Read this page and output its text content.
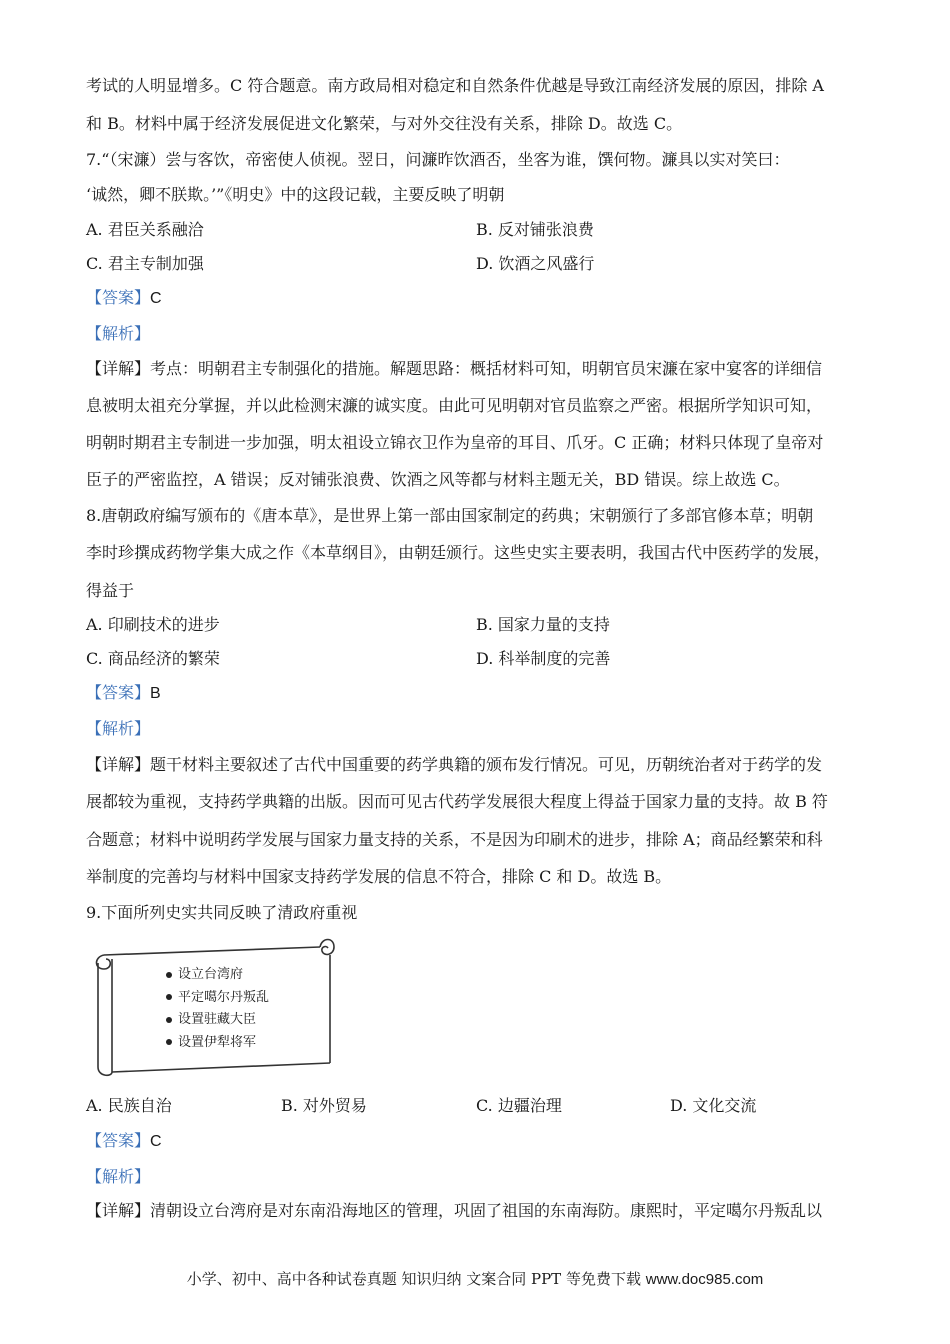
考试的人明显增多。C 符合题意。南方政局相对稳定和自然条件优越是导致江南经济发展的原因，排除 A
和 B。材料中属于经济发展促进文化繁荣，与对外交往没有关系，排除 D。故选 C。
7.“（宋濂）尝与客饮，帝密使人侦视。翌日，问濂昨饮酒否，坐客为谁，馔何物。濂具以实对笑曰：
‘诚然，卿不朕欺。’”《明史》中的这段记载，主要反映了明朝
A. 君臣关系融洽	B. 反对铺张浪费
C. 君主专制加强	D. 饮酒之风盛行
【答案】C
【解析】
【详解】考点：明朝君主专制强化的措施。解题思路：概括材料可知，明朝官员宋濂在家中宴客的详细信
息被明太祖充分掌握，并以此检测宋濂的诚实度。由此可见明朝对官员监察之严密。根据所学知识可知，
明朝时期君主专制进一步加强，明太祖设立锦衣卫作为皇帝的耳目、爪牙。C 正确；材料只体现了皇帝对
臣子的严密监控，A 错误；反对铺张浪费、饮酒之风等都与材料主题无关，BD 错误。综上故选 C。
8.唐朝政府编写颁布的《唐本草》，是世界上第一部由国家制定的药典；宋朝颁行了多部官修本草；明朝
李时珍撰成药物学集大成之作《本草纲目》，由朝廷颁行。这些史实主要表明，我国古代中医药学的发展，
得益于
A. 印刷技术的进步	B. 国家力量的支持
C. 商品经济的繁荣	D. 科举制度的完善
【答案】B
【解析】
【详解】题干材料主要叙述了古代中国重要的药学典籍的颁布发行情况。可见，历朝统治者对于药学的发
展都较为重视，支持药学典籍的出版。因而可见古代药学发展很大程度上得益于国家力量的支持。故 B 符
合题意；材料中说明药学发展与国家力量支持的关系，不是因为印刷术的进步，排除 A；商品经繁荣和科
举制度的完善均与材料中国家支持药学发展的信息不符合，排除 C 和 D。故选 B。
9.下面所列史实共同反映了清政府重视
设立台湾府
平定噶尔丹叛乱
设置驻藏大臣
设置伊犁将军
A. 民族自治	B. 对外贸易	C. 边疆治理	D. 文化交流
【答案】C
【解析】
【详解】清朝设立台湾府是对东南沿海地区的管理，巩固了祖国的东南海防。康熙时，平定噶尔丹叛乱以
小学、初中、高中各种试卷真题 知识归纳 文案合同 PPT 等免费下载 www.doc985.com
